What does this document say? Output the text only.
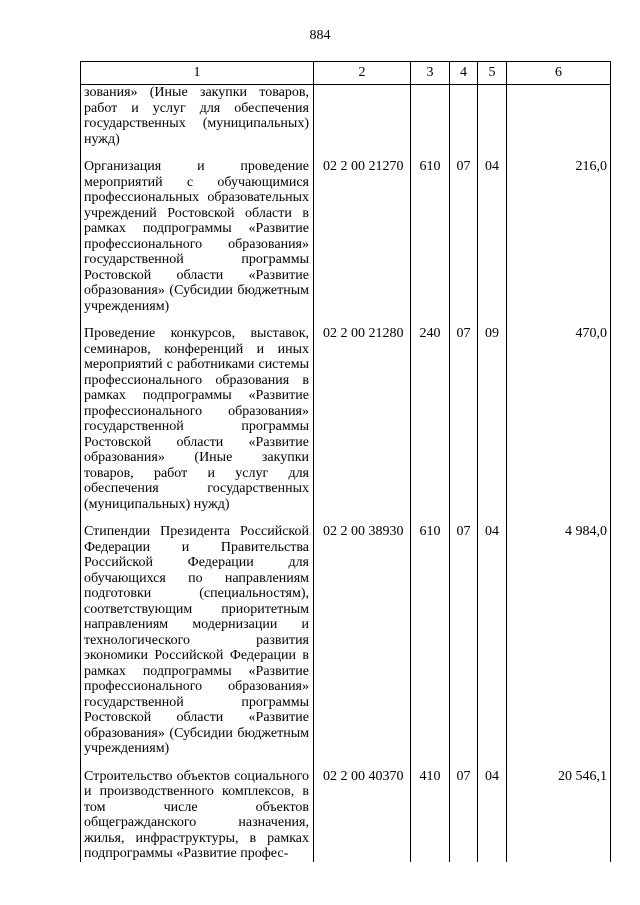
884
1	2	3	4	5	6
зования» (Иные закупки товаров, работ и услуг для обеспечения государственных (муниципальных) нужд)					

Организация и проведение мероприятий с обучающимися профессиональных образовательных учреждений Ростовской области в рамках подпрограммы «Развитие профессионального образования» государственной программы Ростовской области «Развитие образования» (Субсидии бюджетным учреждениям)	02 2 00 21270	610	07	04	216,0

Проведение конкурсов, выставок, семинаров, конференций и иных мероприятий с работниками системы профессионального образования в рамках подпрограммы «Развитие профессионального образования» государственной программы Ростовской области «Развитие образования» (Иные закупки товаров, работ и услуг для обеспечения государственных (муниципальных) нужд)	02 2 00 21280	240	07	09	470,0

Стипендии Президента Российской Федерации и Правительства Российской Федерации для обучающихся по направлениям подготовки (специальностям), соответствующим приоритетным направлениям модернизации и технологического развития экономики Российской Федерации в рамках подпрограммы «Развитие профессионального образования» государственной программы Ростовской области «Развитие образования» (Субсидии бюджетным учреждениям)	02 2 00 38930	610	07	04	4 984,0

Строительство объектов социального и производственного комплексов, в том числе объектов общегражданского назначения, жилья, инфраструктуры, в рамках подпрограммы «Развитие профес-	02 2 00 40370	410	07	04	20 546,1
